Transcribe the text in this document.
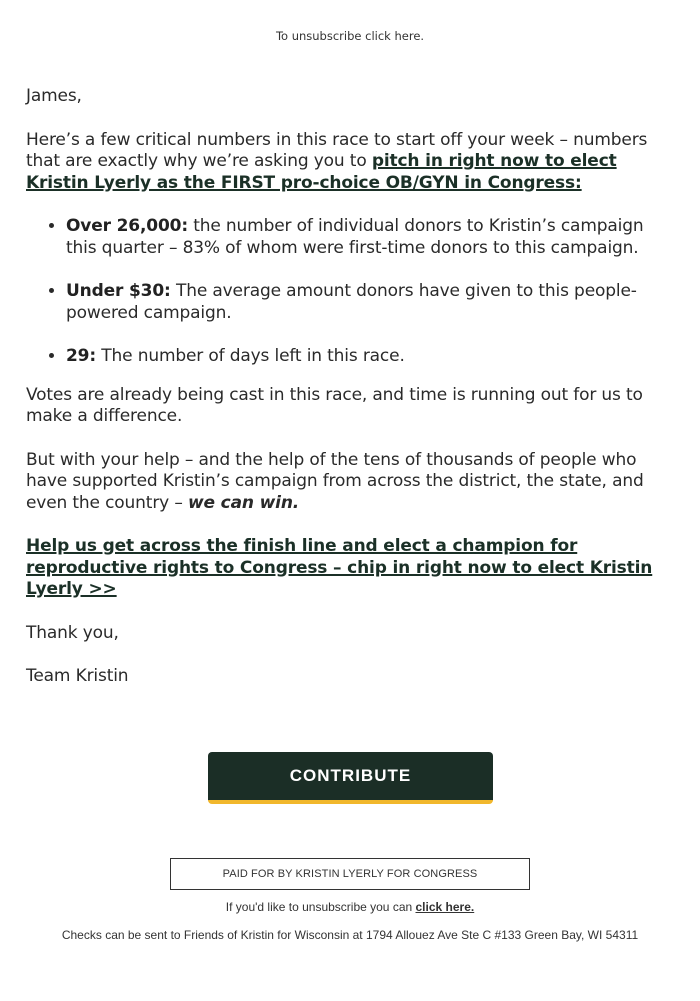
To unsubscribe click here.

James,

Here’s a few critical numbers in this race to start off your week – numbers that are exactly why we’re asking you to pitch in right now to elect Kristin Lyerly as the FIRST pro-choice OB/GYN in Congress:

• Over 26,000: the number of individual donors to Kristin’s campaign this quarter – 83% of whom were first-time donors to this campaign.
• Under $30: The average amount donors have given to this people-powered campaign.
• 29: The number of days left in this race.

Votes are already being cast in this race, and time is running out for us to make a difference.

But with your help – and the help of the tens of thousands of people who have supported Kristin’s campaign from across the district, the state, and even the country – we can win.

Help us get across the finish line and elect a champion for reproductive rights to Congress – chip in right now to elect Kristin Lyerly >>

Thank you,

Team Kristin

CONTRIBUTE
PAID FOR BY KRISTIN LYERLY FOR CONGRESS
If you'd like to unsubscribe you can click here.
Checks can be sent to Friends of Kristin for Wisconsin at 1794 Allouez Ave Ste C #133 Green Bay, WI 54311
